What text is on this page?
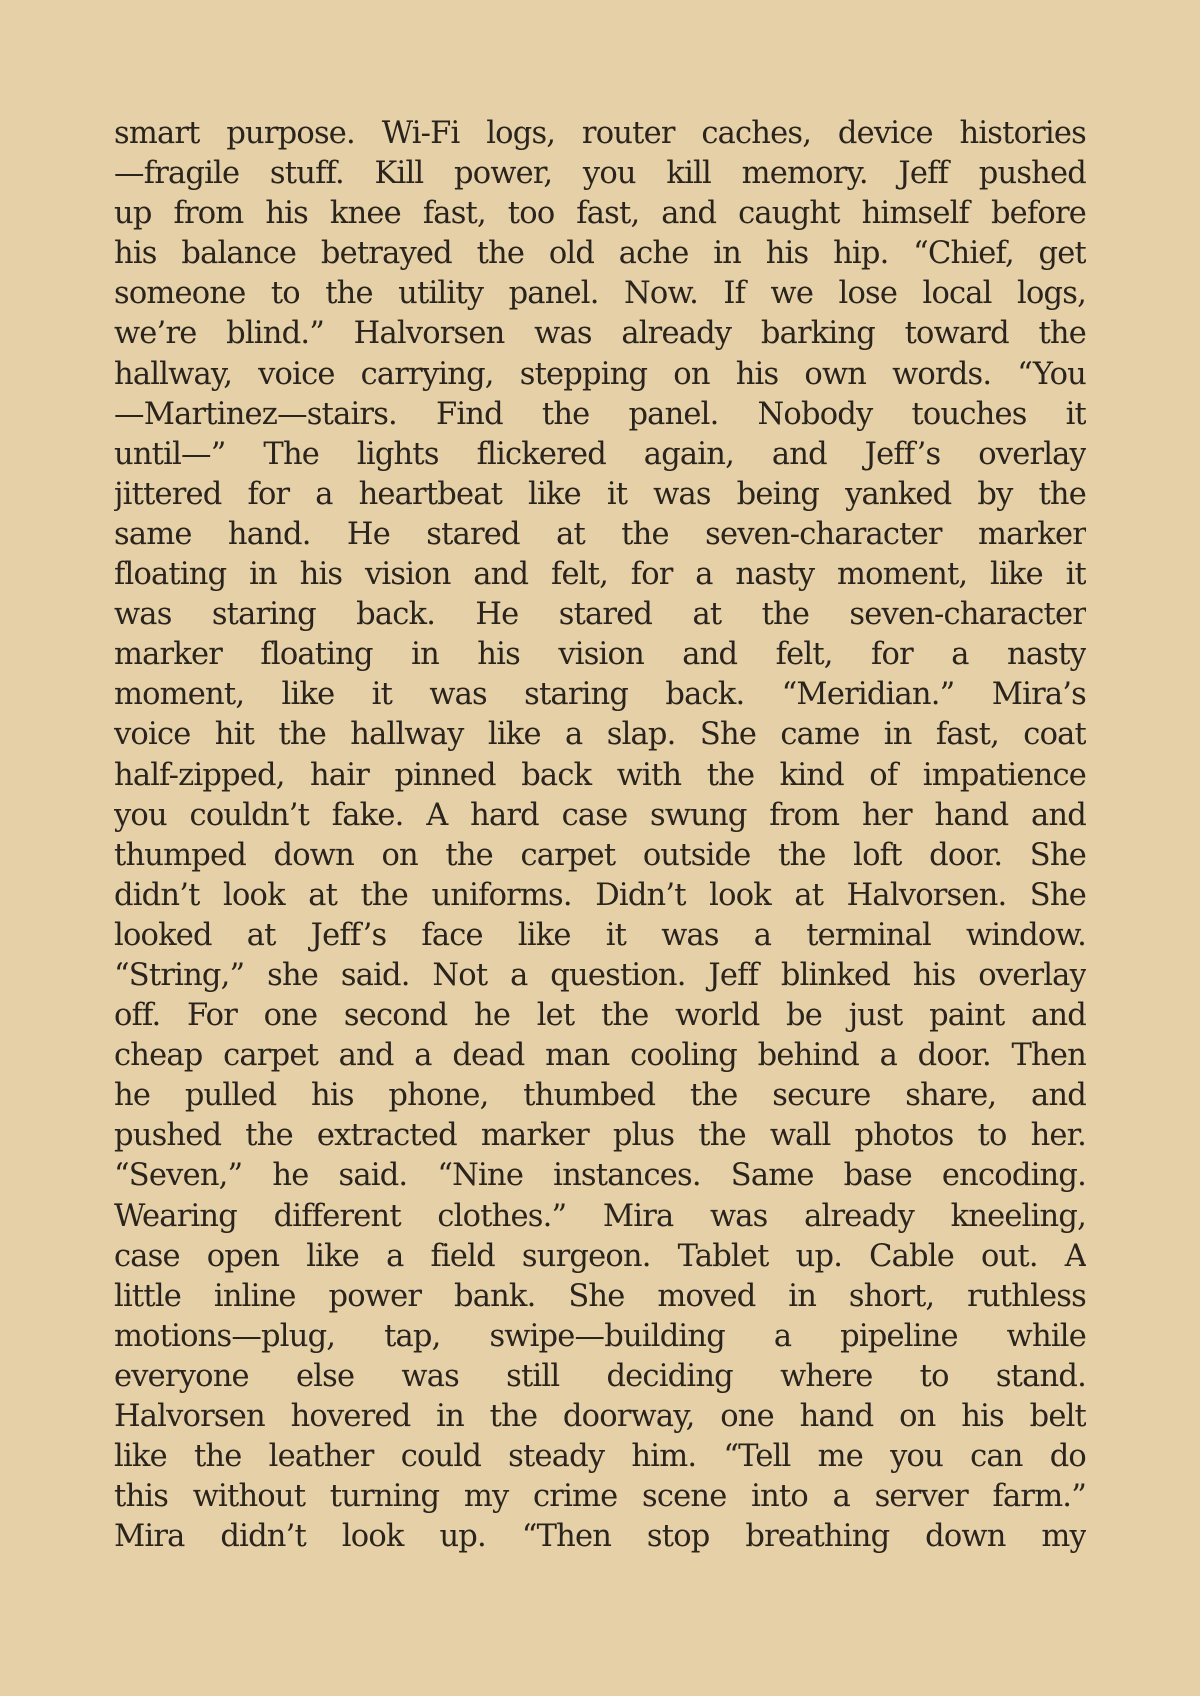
smart purpose. Wi-Fi logs, router caches, device histories
—fragile stuff. Kill power, you kill memory. Jeff pushed
up from his knee fast, too fast, and caught himself before
his balance betrayed the old ache in his hip. “Chief, get
someone to the utility panel. Now. If we lose local logs,
we’re blind.” Halvorsen was already barking toward the
hallway, voice carrying, stepping on his own words. “You
—Martinez—stairs. Find the panel. Nobody touches it
until—” The lights flickered again, and Jeff’s overlay
jittered for a heartbeat like it was being yanked by the
same hand. He stared at the seven-character marker
floating in his vision and felt, for a nasty moment, like it
was staring back. He stared at the seven-character
marker floating in his vision and felt, for a nasty
moment, like it was staring back. “Meridian.” Mira’s
voice hit the hallway like a slap. She came in fast, coat
half-zipped, hair pinned back with the kind of impatience
you couldn’t fake. A hard case swung from her hand and
thumped down on the carpet outside the loft door. She
didn’t look at the uniforms. Didn’t look at Halvorsen. She
looked at Jeff’s face like it was a terminal window.
“String,” she said. Not a question. Jeff blinked his overlay
off. For one second he let the world be just paint and
cheap carpet and a dead man cooling behind a door. Then
he pulled his phone, thumbed the secure share, and
pushed the extracted marker plus the wall photos to her.
“Seven,” he said. “Nine instances. Same base encoding.
Wearing different clothes.” Mira was already kneeling,
case open like a field surgeon. Tablet up. Cable out. A
little inline power bank. She moved in short, ruthless
motions—plug, tap, swipe—building a pipeline while
everyone else was still deciding where to stand.
Halvorsen hovered in the doorway, one hand on his belt
like the leather could steady him. “Tell me you can do
this without turning my crime scene into a server farm.”
Mira didn’t look up. “Then stop breathing down my
